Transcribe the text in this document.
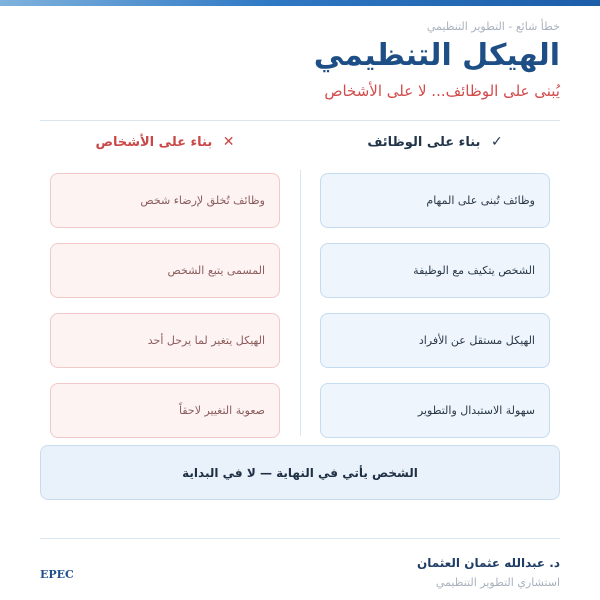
خطأ شائع - التطوير التنظيمي
الهيكل التنظيمي
يُبنى على الوظائف... لا على الأشخاص
✓ بناء على الوظائف
✕ بناء على الأشخاص
وظائف تُبنى على المهام
الشخص يتكيف مع الوظيفة
الهيكل مستقل عن الأفراد
سهولة الاستبدال والتطوير
وظائف تُخلق لإرضاء شخص
المسمى يتبع الشخص
الهيكل يتغير لما يرحل أحد
صعوبة التغيير لاحقاً
الشخص يأتي في النهاية — لا في البداية
د. عبدالله عثمان العثمان
استشاري التطوير التنظيمي
EPEC
